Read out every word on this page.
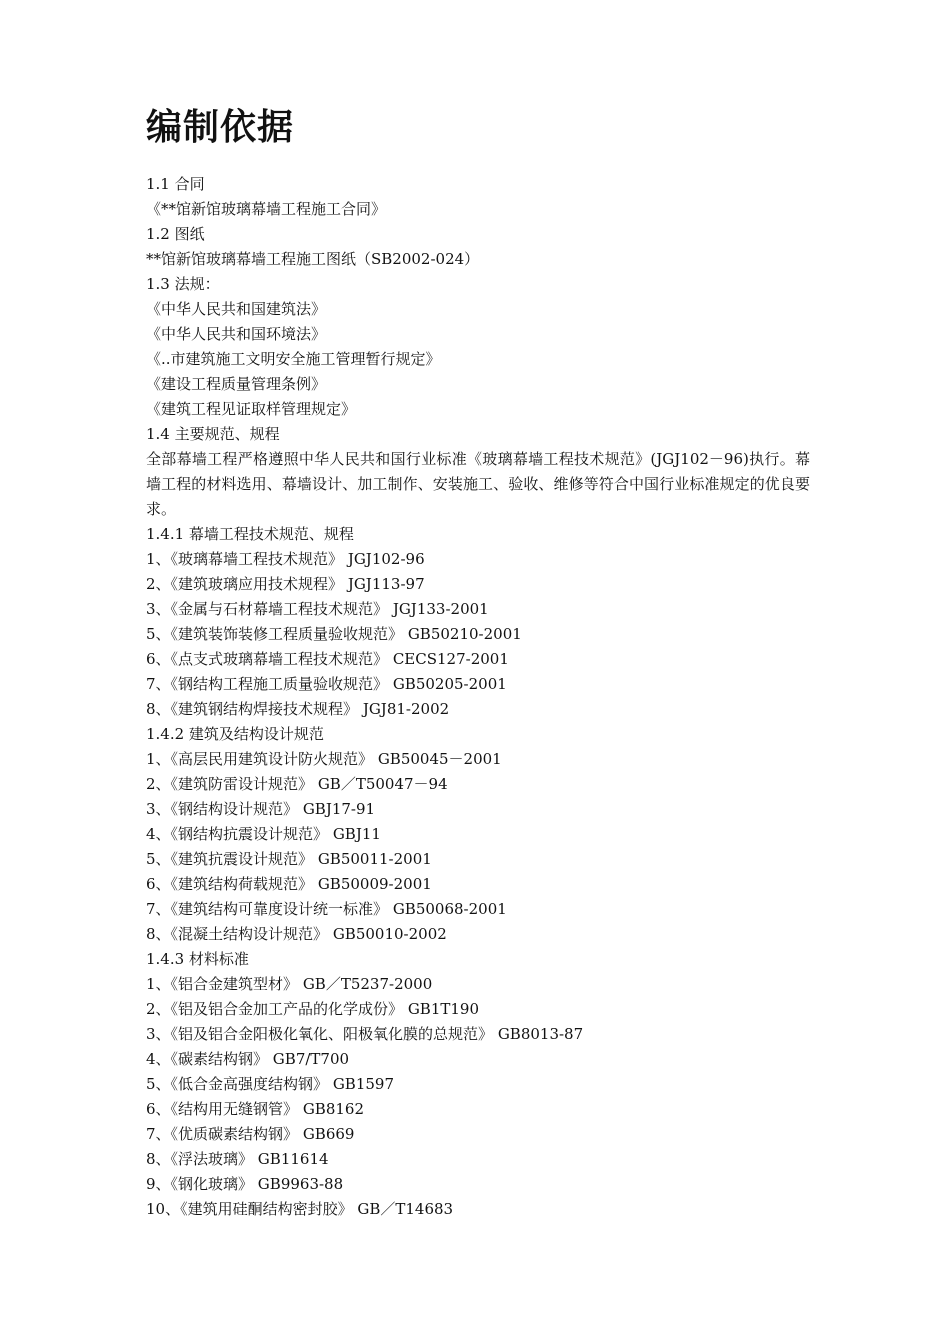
编制依据

1.1 合同

《**馆新馆玻璃幕墙工程施工合同》

1.2 图纸

**馆新馆玻璃幕墙工程施工图纸（SB2002-024）

1.3 法规：

《中华人民共和国建筑法》

《中华人民共和国环境法》

《..市建筑施工文明安全施工管理暂行规定》

《建设工程质量管理条例》

《建筑工程见证取样管理规定》

1.4 主要规范、规程

全部幕墙工程严格遵照中华人民共和国行业标准《玻璃幕墙工程技术规范》(JGJ102－96)执行。幕墙工程的材料选用、幕墙设计、加工制作、安装施工、验收、维修等符合中国行业标准规定的优良要求。

1.4.1 幕墙工程技术规范、规程

1、《玻璃幕墙工程技术规范》 JGJ102-96

2、《建筑玻璃应用技术规程》 JGJ113-97

3、《金属与石材幕墙工程技术规范》 JGJ133-2001

5、《建筑装饰装修工程质量验收规范》 GB50210-2001

6、《点支式玻璃幕墙工程技术规范》 CECS127-2001

7、《钢结构工程施工质量验收规范》 GB50205-2001

8、《建筑钢结构焊接技术规程》 JGJ81-2002

1.4.2 建筑及结构设计规范

1、《高层民用建筑设计防火规范》 GB50045－2001

2、《建筑防雷设计规范》 GB／T50047－94

3、《钢结构设计规范》 GBJ17-91

4、《钢结构抗震设计规范》 GBJ11

5、《建筑抗震设计规范》 GB50011-2001

6、《建筑结构荷载规范》 GB50009-2001

7、《建筑结构可靠度设计统一标准》 GB50068-2001

8、《混凝土结构设计规范》 GB50010-2002

1.4.3 材料标准

1、《铝合金建筑型材》 GB／T5237-2000

2、《铝及铝合金加工产品的化学成份》 GB1T190

3、《铝及铝合金阳极化氧化、阳极氧化膜的总规范》 GB8013-87

4、《碳素结构钢》 GB7/T700

5、《低合金高强度结构钢》 GB1597

6、《结构用无缝钢管》 GB8162

7、《优质碳素结构钢》 GB669

8、《浮法玻璃》 GB11614

9、《钢化玻璃》 GB9963-88

10、《建筑用硅酮结构密封胶》 GB／T14683
